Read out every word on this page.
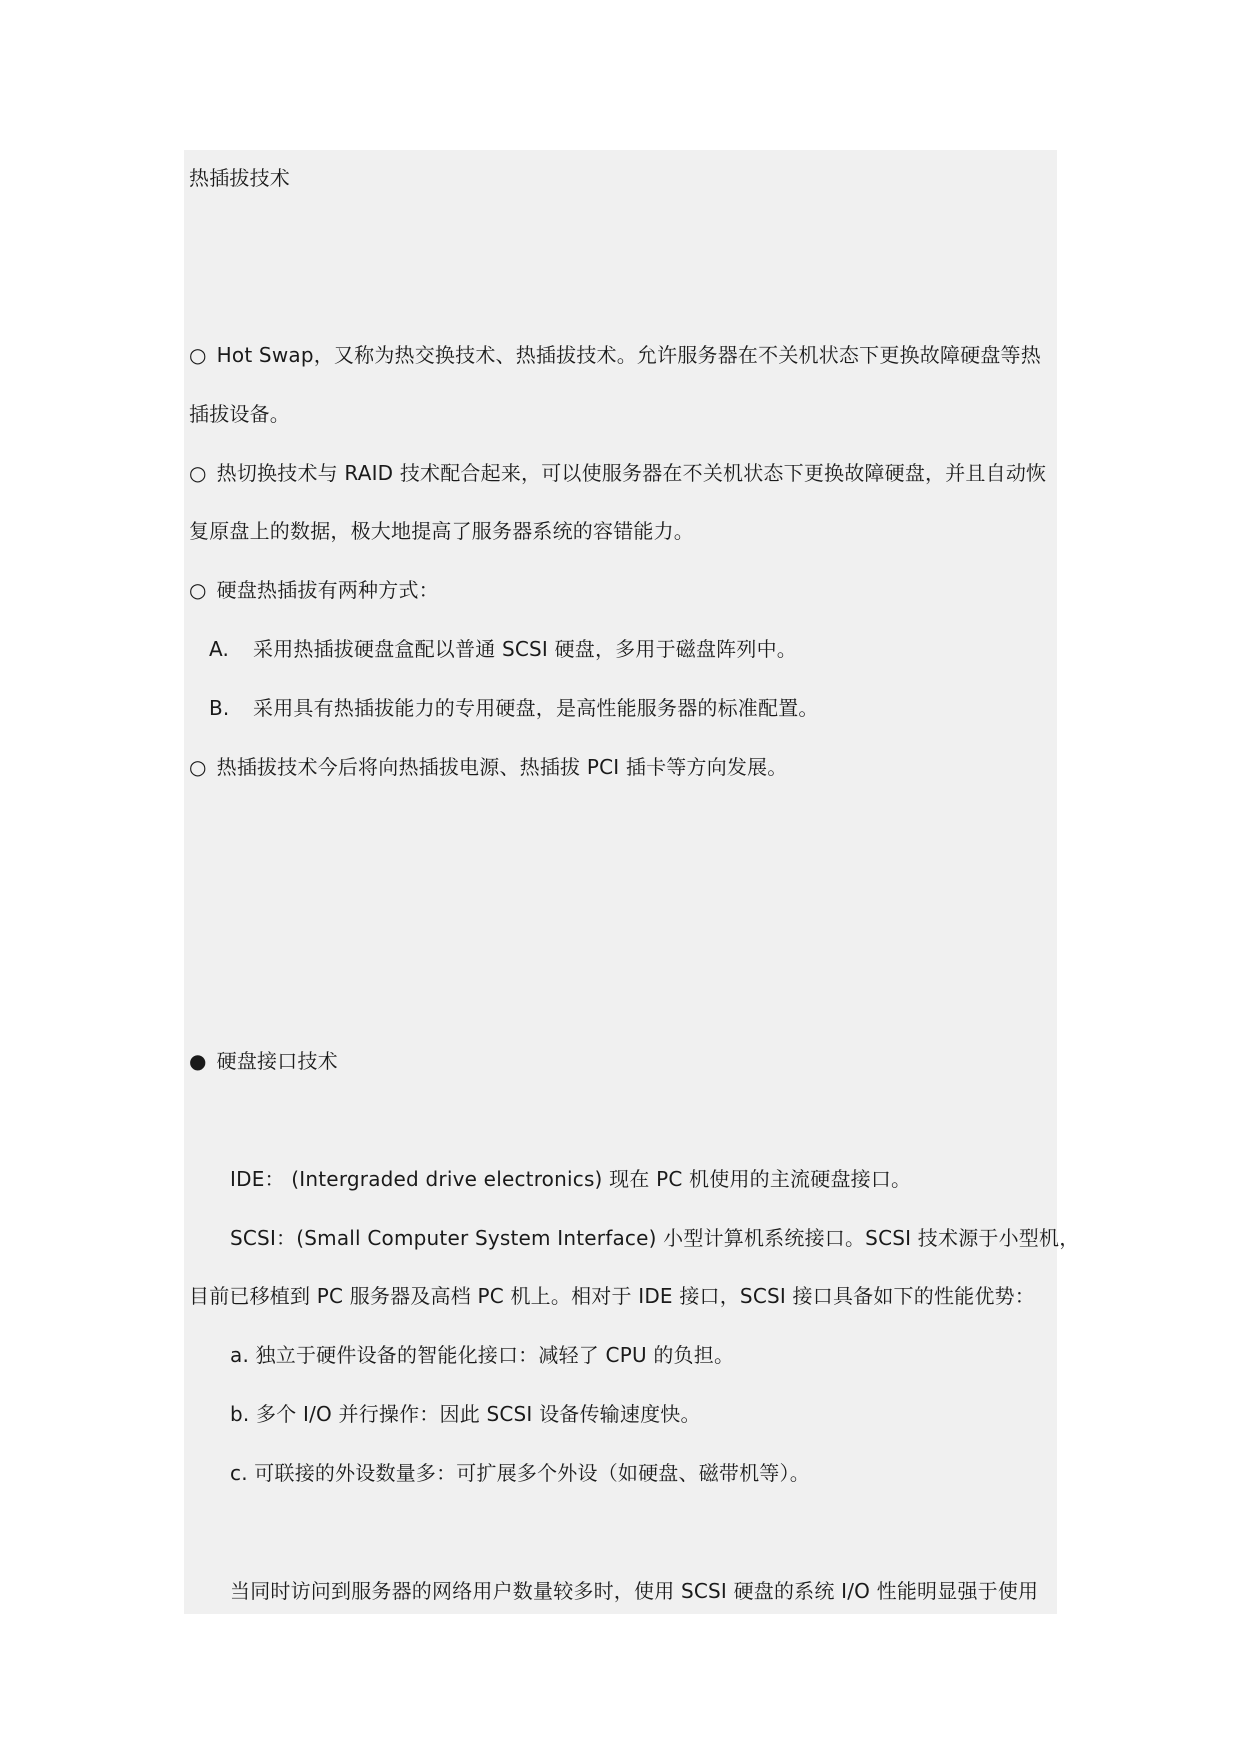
热插拔技术
○ Hot Swap，又称为热交换技术、热插拔技术。允许服务器在不关机状态下更换故障硬盘等热
插拔设备。
○ 热切换技术与 RAID 技术配合起来，可以使服务器在不关机状态下更换故障硬盘，并且自动恢
复原盘上的数据，极大地提高了服务器系统的容错能力。
○ 硬盘热插拔有两种方式：
A. 采用热插拔硬盘盒配以普通 SCSI 硬盘，多用于磁盘阵列中。
B. 采用具有热插拔能力的专用硬盘，是高性能服务器的标准配置。
○ 热插拔技术今后将向热插拔电源、热插拔 PCI 插卡等方向发展。
● 硬盘接口技术
IDE： (Intergraded drive electronics) 现在 PC 机使用的主流硬盘接口。
SCSI：(Small Computer System Interface) 小型计算机系统接口。SCSI 技术源于小型机，
目前已移植到 PC 服务器及高档 PC 机上。相对于 IDE 接口，SCSI 接口具备如下的性能优势：
a. 独立于硬件设备的智能化接口：减轻了 CPU 的负担。
b. 多个 I/O 并行操作：因此 SCSI 设备传输速度快。
c. 可联接的外设数量多：可扩展多个外设（如硬盘、磁带机等）。
当同时访问到服务器的网络用户数量较多时，使用 SCSI 硬盘的系统 I/O 性能明显强于使用
